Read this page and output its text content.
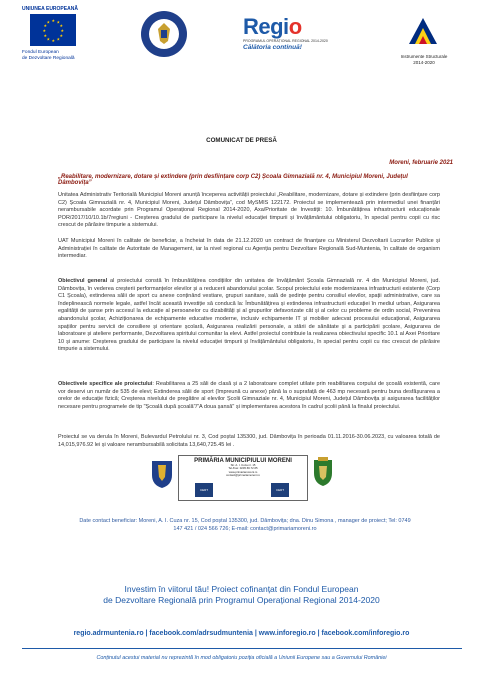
UNIUNEA EUROPEANĂ
★ ★
★
★
★
★
★
★
★
★
★
★
Fondul European
de Dezvoltare Regională
Regio
PROGRAMUL OPERAȚIONAL REGIONAL 2014-2020
Călătoria continuă!
Instrumente Structurale
2014-2020
COMUNICAT DE PRESĂ
Moreni, februarie 2021
„Reabilitare, modernizare, dotare și extindere (prin desființare corp C2) Școala Gimnazială nr. 4, Municipiul Moreni, Județul Dâmbovița”
Unitatea Administrativ Teritorială Municipiul Moreni anunță începerea activității proiectului „Reabilitare, modernizare, dotare și extindere (prin desființare corp C2) Școala Gimnazială nr. 4, Municipiul Moreni, Județul Dâmbovița”, cod MySMIS 122172. Proiectul se implementează prin intermediul unei finanțări nerambursabile acordate prin Programul Operațional Regional 2014-2020, Axa/Prioritate de Investiții: 10. Îmbunătățirea infrastructurii educaționale POR/2017/10/10.1b/7regiuni - Creșterea gradului de participare la nivelul educației timpurii și învățământului obligatoriu, în special pentru copii cu risc crescut de părăsire timpurie a sistemului.
UAT Municipiul Moreni în calitate de beneficiar, a încheiat în data de 21.12.2020 un contract de finanțare cu Ministerul Dezvoltarii Lucrarilor Publice și Administrației în calitate de Autoritate de Management, iar la nivel regional cu Agenția pentru Dezvoltare Regională Sud-Muntenia, în calitate de organism intermediar.
Obiectivul general al proiectului constă în îmbunătățirea condițiilor din unitatea de învățământ Școala Gimnazială nr. 4 din Municipiul Moreni, jud. Dâmbovița, în vederea creșterii performanțelor elevilor și a reducerii abandonului școlar. Scopul proiectului este modernizarea infrastructurii existente (Corp C1 Școala), extinderea sălii de sport cu anexe conținând vestiare, grupuri sanitare, sală de ședințe pentru consiliul elevilor, spații administrative, care sa îndeplinească normele legale, astfel încât această investiție să conducă la: Îmbunătățirea și extinderea infrastructurii educației în mediul urban, Asigurarea egalității de șanse prin accesul la educație al persoanelor cu dizabilități și al grupurilor defavorizate cât și al celor cu probleme de ordin social, Prevenirea abandonului școlar, Achiziționarea de echipamente educative moderne, inclusiv echipamente IT și mobilier adecvat procesului educațional, Asigurarea spațiilor pentru servicii de consiliere și orientare școlară, Asigurarea realizării personale, a stării de sănătate și a participării școlare, Asigurarea de laboratoare și ateliere performante, Dezvoltarea spiritului comunitar la elevi. Astfel proiectul contribuie la realizarea obiectivului specific 10.1 al Axei Prioritare 10 și anume: Creșterea gradului de participare la nivelul educației timpurii și învățământului obligatoriu, în special pentru copii cu risc crescut de părăsire timpurie a sistemului.
Obiectivele specifice ale proiectului: Reabilitarea a 25 săli de clasă și a 2 laboratoare complet utilate prin reabilitarea corpului de școală existentă, care vor deservi un număr de 535 de elevi; Extinderea sălii de sport (împreună cu anexe) până la o suprafață de 463 mp necesară pentru buna desfășurarea a orelor de educație fizică; Creșterea nivelului de pregătire al elevilor Școlii Gimnaziale nr. 4, Municipiul Moreni, Județul Dâmbovița și asigurarea facilităților necesare pentru programele de tip "Școală după școală"/"A doua șansă" și implementarea acestora în cadrul școlii până la finalul proiectului.
Proiectul se va derula în Moreni, Bulevardul Petrolului nr. 3, Cod poștal 135300, jud. Dâmbovița în perioada 01.11.2016-30.06.2023, cu valoarea totală de 14,015,976.92 lei și valoare nerambursabilă solicitata 13,640,725.45 lei .
PRIMĂRIA MUNICIPIULUI MORENI
Str. A. I. Cuza nr. 15
Tel./Fax: 0245.66.72.65
www.primariamoreni.ro
contact@primariamoreni.ro
CERT	CERT
Date contact beneficiar: Moreni, A. I. Cuza nr. 15, Cod poștal 135300, jud. Dâmbovița; dna. Dinu Simona , manager de proiect; Tel: 0749
147 421 / 024 566 726; E-mail: contact@primariamoreni.ro
Investim în viitorul tău! Proiect cofinanțat din Fondul European
de Dezvoltare Regională prin Programul Operațional Regional 2014-2020
regio.adrmuntenia.ro | facebook.com/adrsudmuntenia | www.inforegio.ro | facebook.com/inforegio.ro
Conținutul acestui material nu reprezintă în mod obligatoriu poziția oficială a Uniunii Europene sau a Guvernului României
